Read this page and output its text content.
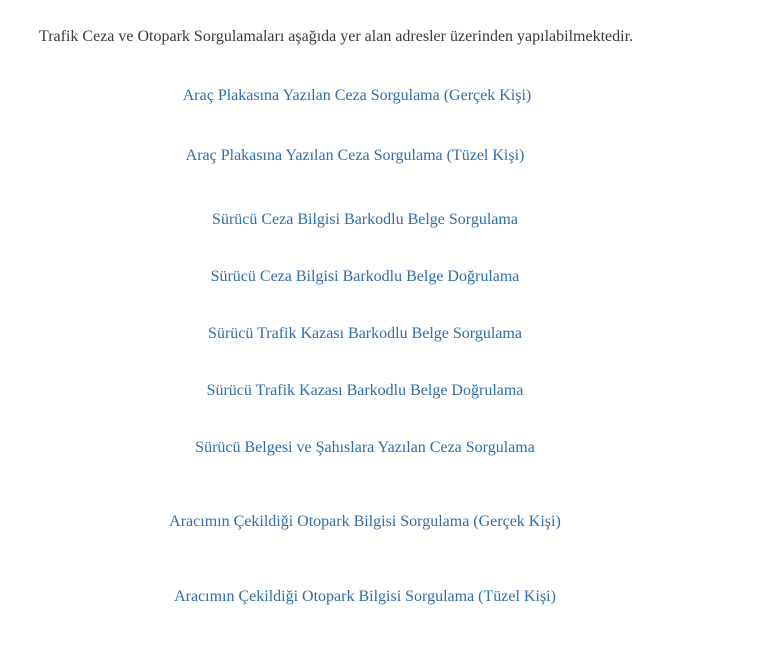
Trafik Ceza ve Otopark Sorgulamaları aşağıda yer alan adresler üzerinden yapılabilmektedir.

Araç Plakasına Yazılan Ceza Sorgulama (Gerçek Kişi)

Araç Plakasına Yazılan Ceza Sorgulama (Tüzel Kişi)

Sürücü Ceza Bilgisi Barkodlu Belge Sorgulama

Sürücü Ceza Bilgisi Barkodlu Belge Doğrulama

Sürücü Trafik Kazası Barkodlu Belge Sorgulama

Sürücü Trafik Kazası Barkodlu Belge Doğrulama

Sürücü Belgesi ve Şahıslara Yazılan Ceza Sorgulama

Aracımın Çekildiği Otopark Bilgisi Sorgulama (Gerçek Kişi)

Aracımın Çekildiği Otopark Bilgisi Sorgulama (Tüzel Kişi)
